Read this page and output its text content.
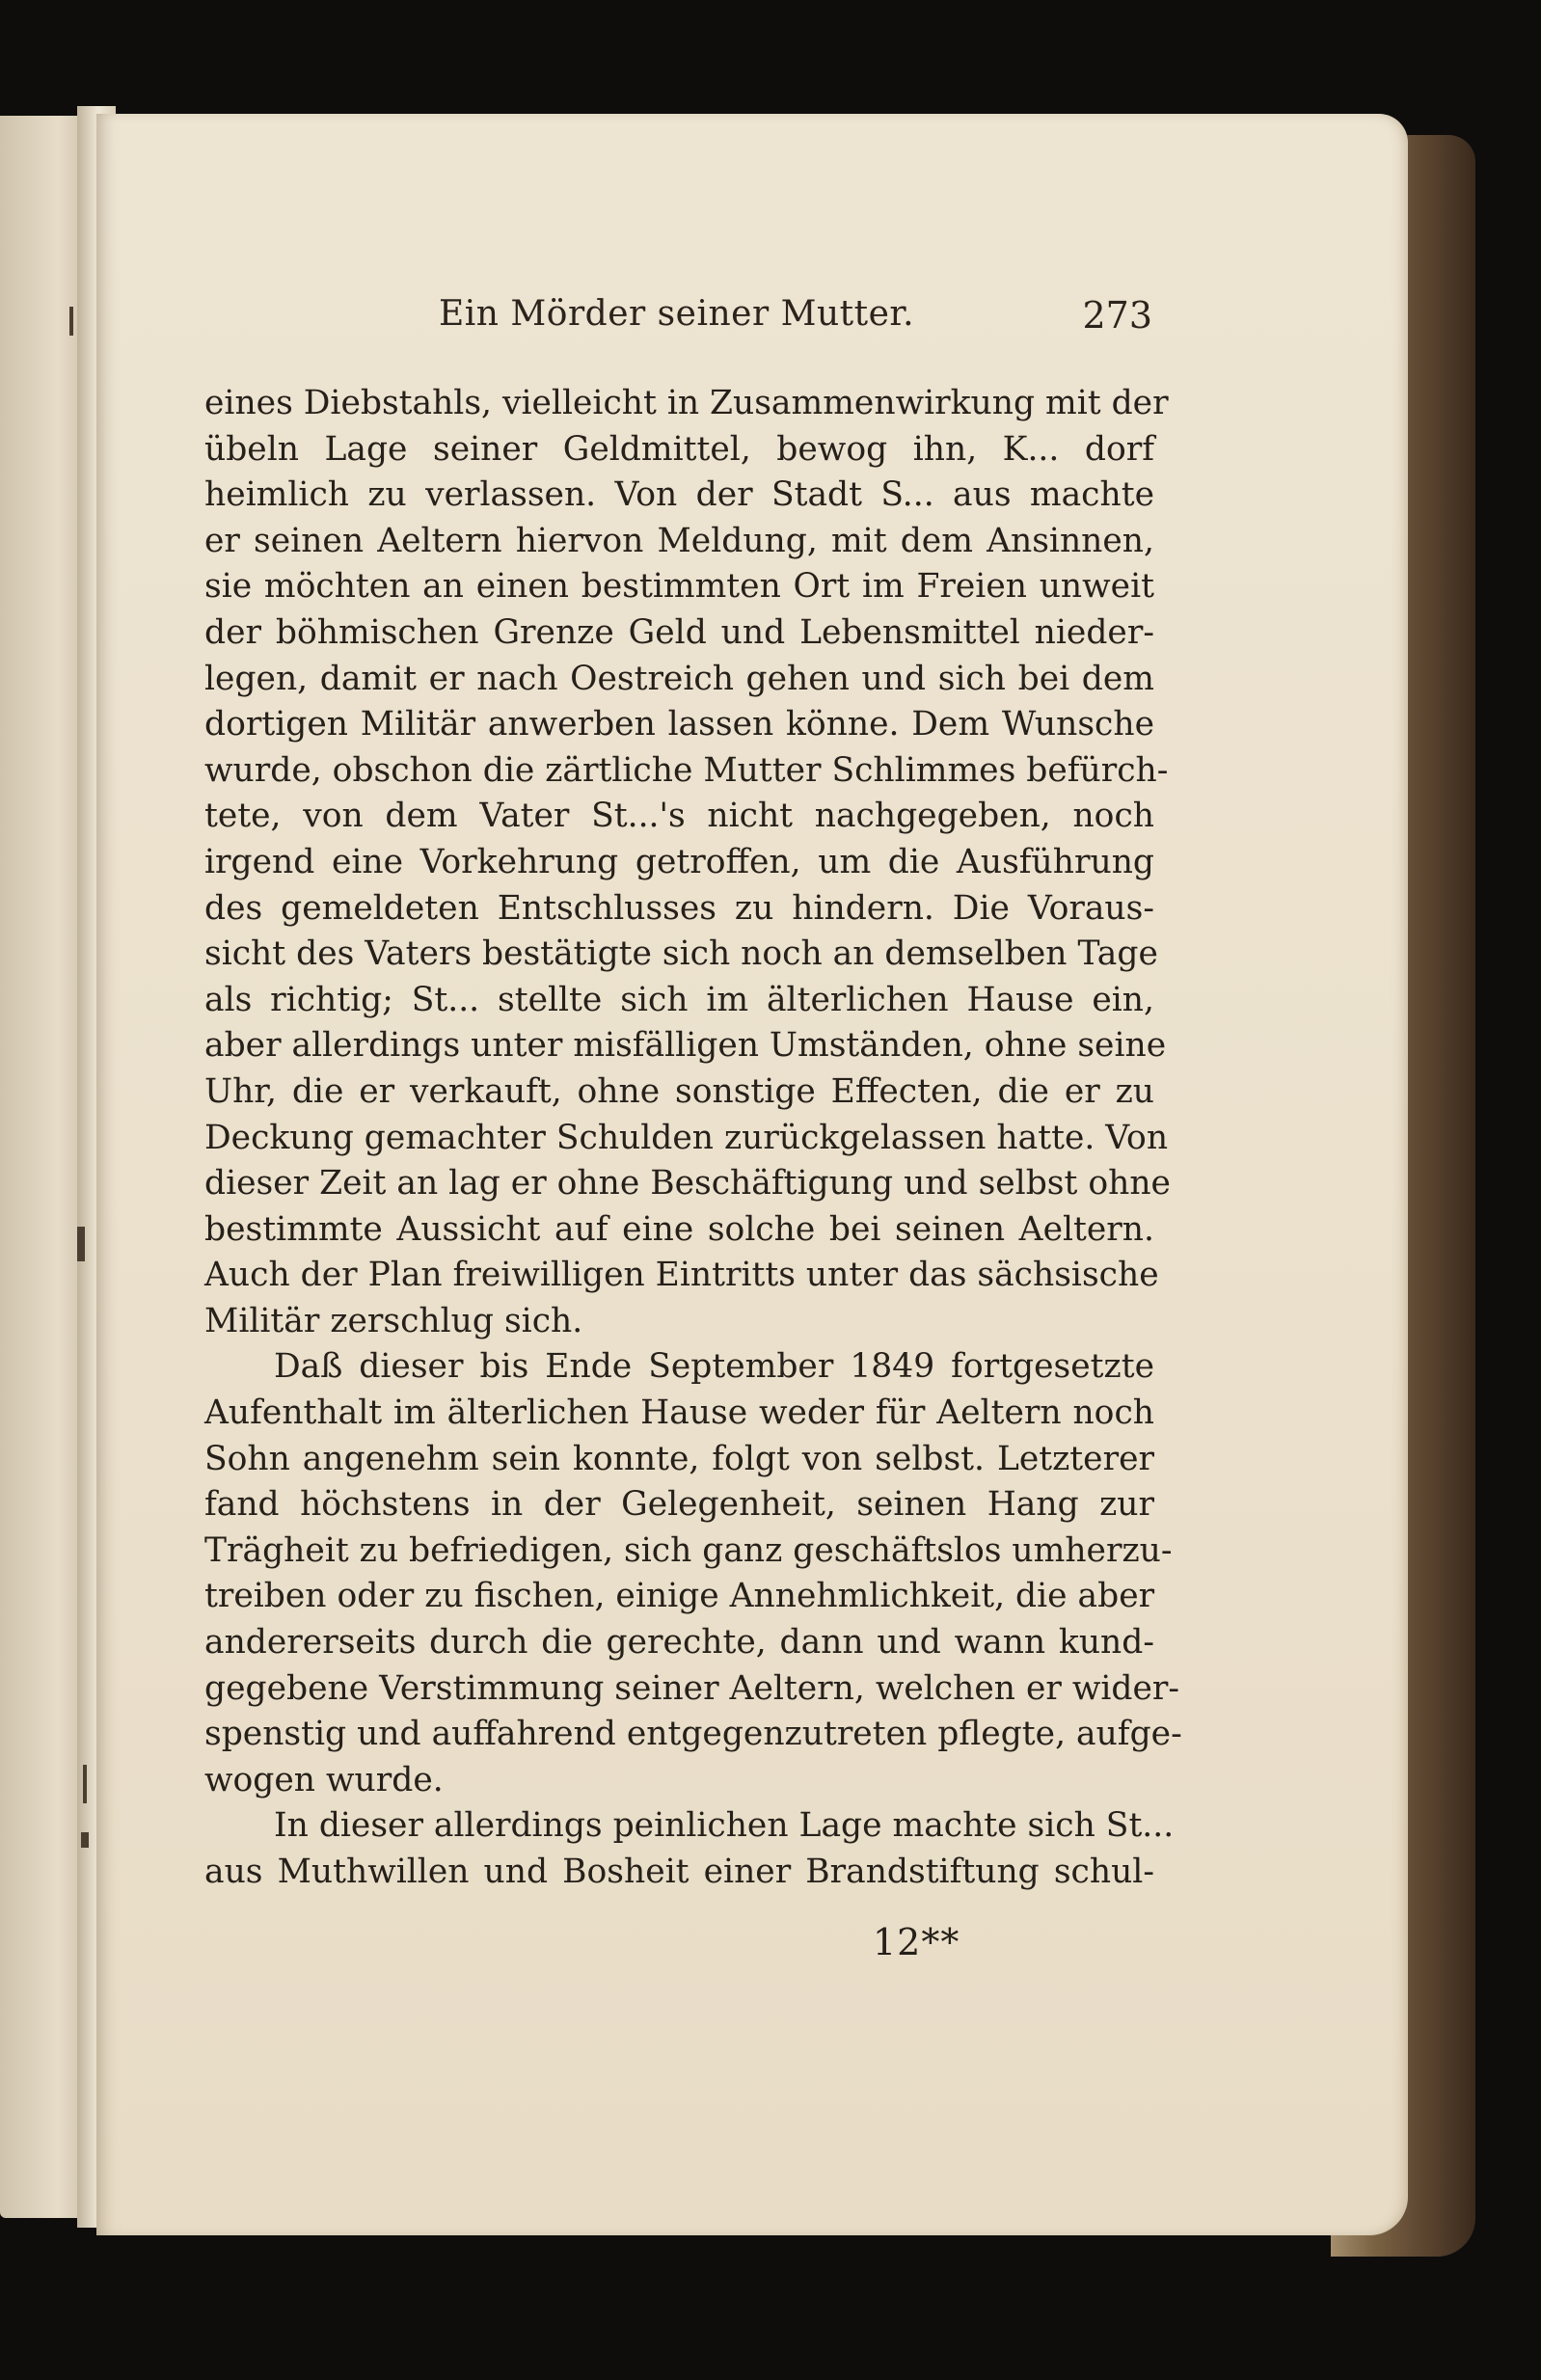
Ein Mörder seiner Mutter.	273
eines Diebstahls, vielleicht in Zusammenwirkung mit der
übeln Lage seiner Geldmittel, bewog ihn, K... dorf
heimlich zu verlassen. Von der Stadt S... aus machte
er seinen Aeltern hiervon Meldung, mit dem Ansinnen,
sie möchten an einen bestimmten Ort im Freien unweit
der böhmischen Grenze Geld und Lebensmittel nieder-
legen, damit er nach Oestreich gehen und sich bei dem
dortigen Militär anwerben lassen könne. Dem Wunsche
wurde, obschon die zärtliche Mutter Schlimmes befürch-
tete, von dem Vater St...'s nicht nachgegeben, noch
irgend eine Vorkehrung getroffen, um die Ausführung
des gemeldeten Entschlusses zu hindern. Die Voraus-
sicht des Vaters bestätigte sich noch an demselben Tage
als richtig; St... stellte sich im älterlichen Hause ein,
aber allerdings unter misfälligen Umständen, ohne seine
Uhr, die er verkauft, ohne sonstige Effecten, die er zu
Deckung gemachter Schulden zurückgelassen hatte. Von
dieser Zeit an lag er ohne Beschäftigung und selbst ohne
bestimmte Aussicht auf eine solche bei seinen Aeltern.
Auch der Plan freiwilligen Eintritts unter das sächsische
Militär zerschlug sich.
Daß dieser bis Ende September 1849 fortgesetzte
Aufenthalt im älterlichen Hause weder für Aeltern noch
Sohn angenehm sein konnte, folgt von selbst. Letzterer
fand höchstens in der Gelegenheit, seinen Hang zur
Trägheit zu befriedigen, sich ganz geschäftslos umherzu-
treiben oder zu fischen, einige Annehmlichkeit, die aber
andererseits durch die gerechte, dann und wann kund-
gegebene Verstimmung seiner Aeltern, welchen er wider-
spenstig und auffahrend entgegenzutreten pflegte, aufge-
wogen wurde.
In dieser allerdings peinlichen Lage machte sich St...
aus Muthwillen und Bosheit einer Brandstiftung schul-
12**
